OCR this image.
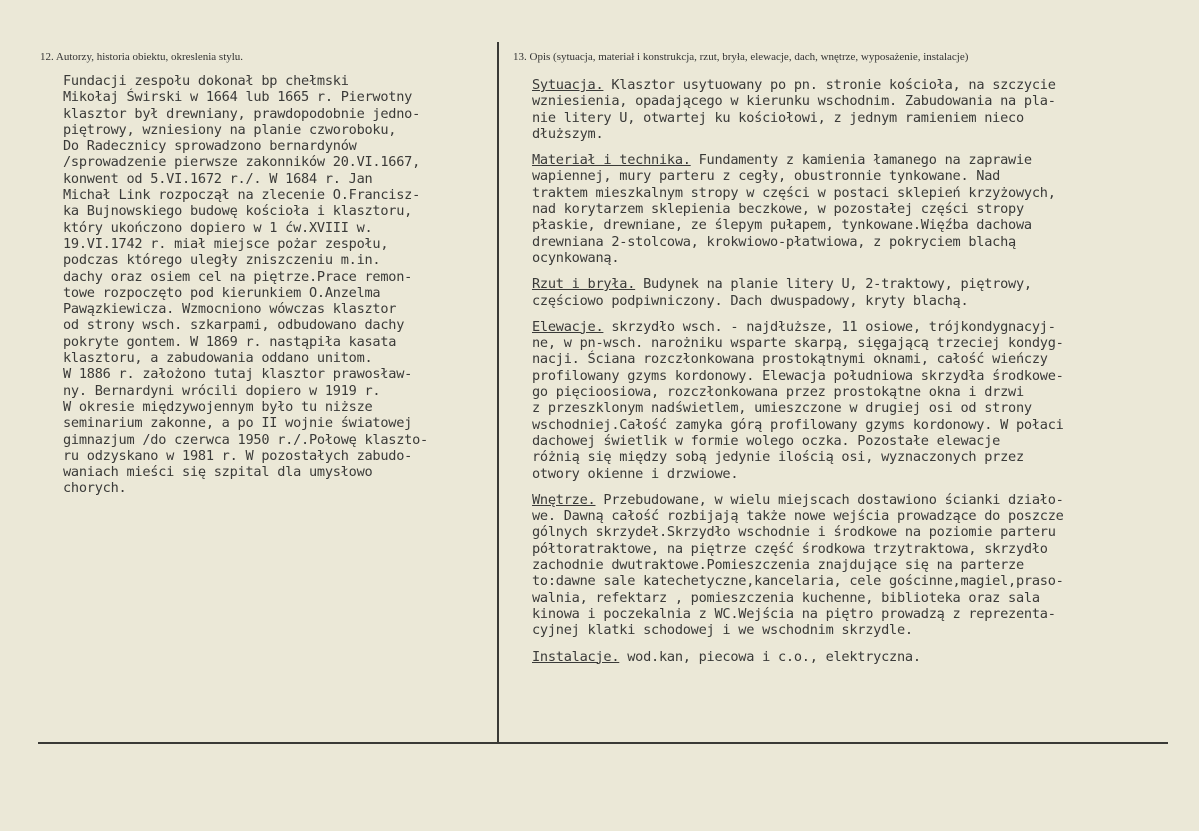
12. Autorzy, historia obiektu, okreslenia stylu.	13. Opis (sytuacja, materiał i konstrukcja, rzut, bryła, elewacje, dach, wnętrze, wyposażenie, instalacje)
Fundacji zespołu dokonał bp chełmski
Mikołaj Świrski w 1664 lub 1665 r. Pierwotny
klasztor był drewniany, prawdopodobnie jedno-
piętrowy, wzniesiony na planie czworoboku,
Do Radecznicy sprowadzono bernardynów
/sprowadzenie pierwsze zakonników 20.VI.1667,
konwent od 5.VI.1672 r./. W 1684 r. Jan
Michał Link rozpoczął na zlecenie O.Francisz-
ka Bujnowskiego budowę kościoła i klasztoru,
który ukończono dopiero w 1 ćw.XVIII w.
19.VI.1742 r. miał miejsce pożar zespołu,
podczas którego uległy zniszczeniu m.in.
dachy oraz osiem cel na piętrze.Prace remon-
towe rozpoczęto pod kierunkiem O.Anzelma
Pawązkiewicza. Wzmocniono wówczas klasztor
od strony wsch. szkarpami, odbudowano dachy
pokryte gontem. W 1869 r. nastąpiła kasata
klasztoru, a zabudowania oddano unitom.
W 1886 r. założono tutaj klasztor prawosław-
ny. Bernardyni wrócili dopiero w 1919 r.
W okresie międzywojennym było tu niższe
seminarium zakonne, a po II wojnie światowej
gimnazjum /do czerwca 1950 r./.Połowę klaszto-
ru odzyskano w 1981 r. W pozostałych zabudo-
waniach mieści się szpital dla umysłowo
chorych.
Sytuacja. Klasztor usytuowany po pn. stronie kościoła, na szczycie
wzniesienia, opadającego w kierunku wschodnim. Zabudowania na pla-
nie litery U, otwartej ku kościołowi, z jednym ramieniem nieco
dłuższym.
Materiał i technika. Fundamenty z kamienia łamanego na zaprawie
wapiennej, mury parteru z cegły, obustronnie tynkowane. Nad
traktem mieszkalnym stropy w części w postaci sklepień krzyżowych,
nad korytarzem sklepienia beczkowe, w pozostałej części stropy
płaskie, drewniane, ze ślepym pułapem, tynkowane.Więźba dachowa
drewniana 2-stolcowa, krokwiowo-płatwiowa, z pokryciem blachą
ocynkowaną.
Rzut i bryła. Budynek na planie litery U, 2-traktowy, piętrowy,
częściowo podpiwniczony. Dach dwuspadowy, kryty blachą.
Elewacje. skrzydło wsch. - najdłuższe, 11 osiowe, trójkondygnacyj-
ne, w pn-wsch. narożniku wsparte skarpą, sięgającą trzeciej kondyg-
nacji. Ściana rozczłonkowana prostokątnymi oknami, całość wieńczy
profilowany gzyms kordonowy. Elewacja południowa skrzydła środkowe-
go pięcioosiowa, rozczłonkowana przez prostokątne okna i drzwi
z przeszklonym nadświetlem, umieszczone w drugiej osi od strony
wschodniej.Całość zamyka górą profilowany gzyms kordonowy. W połaci
dachowej świetlik w formie wolego oczka. Pozostałe elewacje
różnią się między sobą jedynie ilością osi, wyznaczonych przez
otwory okienne i drzwiowe.
Wnętrze. Przebudowane, w wielu miejscach dostawiono ścianki działo-
we. Dawną całość rozbijają także nowe wejścia prowadzące do poszcze
gólnych skrzydeł.Skrzydło wschodnie i środkowe na poziomie parteru
półtoratraktowe, na piętrze część środkowa trzytraktowa, skrzydło
zachodnie dwutraktowe.Pomieszczenia znajdujące się na parterze
to:dawne sale katechetyczne,kancelaria, cele gościnne,magiel,praso-
walnia, refektarz , pomieszczenia kuchenne, biblioteka oraz sala
kinowa i poczekalnia z WC.Wejścia na piętro prowadzą z reprezenta-
cyjnej klatki schodowej i we wschodnim skrzydle.
Instalacje. wod.kan, piecowa i c.o., elektryczna.
